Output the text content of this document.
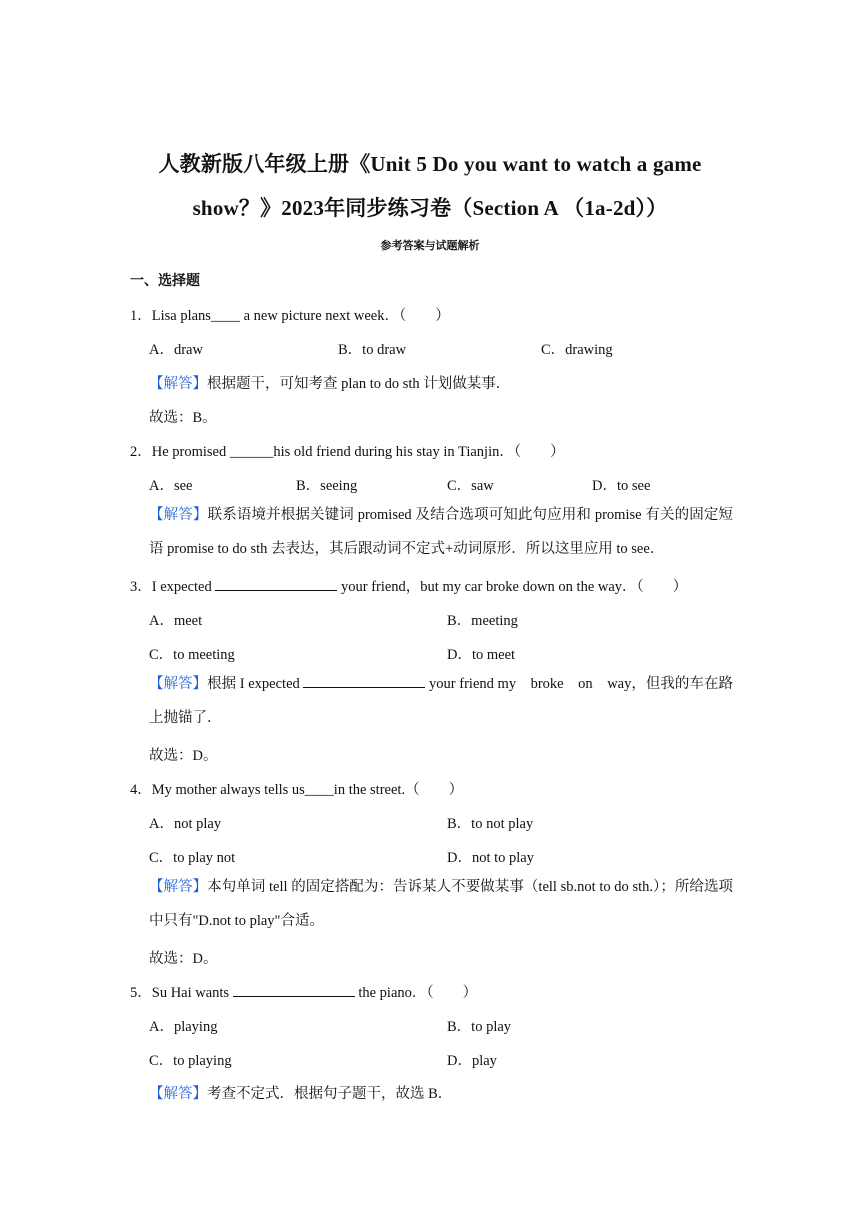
人教新版八年级上册《Unit 5 Do you want to watch a game
show？》2023年同步练习卷（Section A （1a-2d））
参考答案与试题解析
一、选择题
1．Lisa plans____ a new picture next week．（　　）
A．draw	B．to draw	C．drawing
【解答】根据题干，可知考查 plan to do sth 计划做某事．
故选：B。
2．He promised ______his old friend during his stay in Tianjin．（　　）
A．see	B．seeing	C．saw	D．to see
【解答】联系语境并根据关键词 promised 及结合选项可知此句应用和 promise 有关的固定短语 promise to do sth 去表达，其后跟动词不定式+动词原形．所以这里应用 to see．
3．I expected	your friend，but my car broke down on the way．（　　）
A．meet	B．meeting
C．to meeting	D．to meet
【解答】根据 I expected	your friend my　broke　on　way，但我的车在路上抛锚了．
故选：D。
4．My mother always tells us____in the street.（　　）
A．not play	B．to not play
C．to play not	D．not to play
【解答】本句单词 tell 的固定搭配为：告诉某人不要做某事（tell sb.not to do sth.）；所给选项中只有"D.not to play"合适。
故选：D。
5．Su Hai wants	the piano．（　　）
A．playing	B．to play
C．to playing	D．play
【解答】考查不定式．根据句子题干，故选 B．
